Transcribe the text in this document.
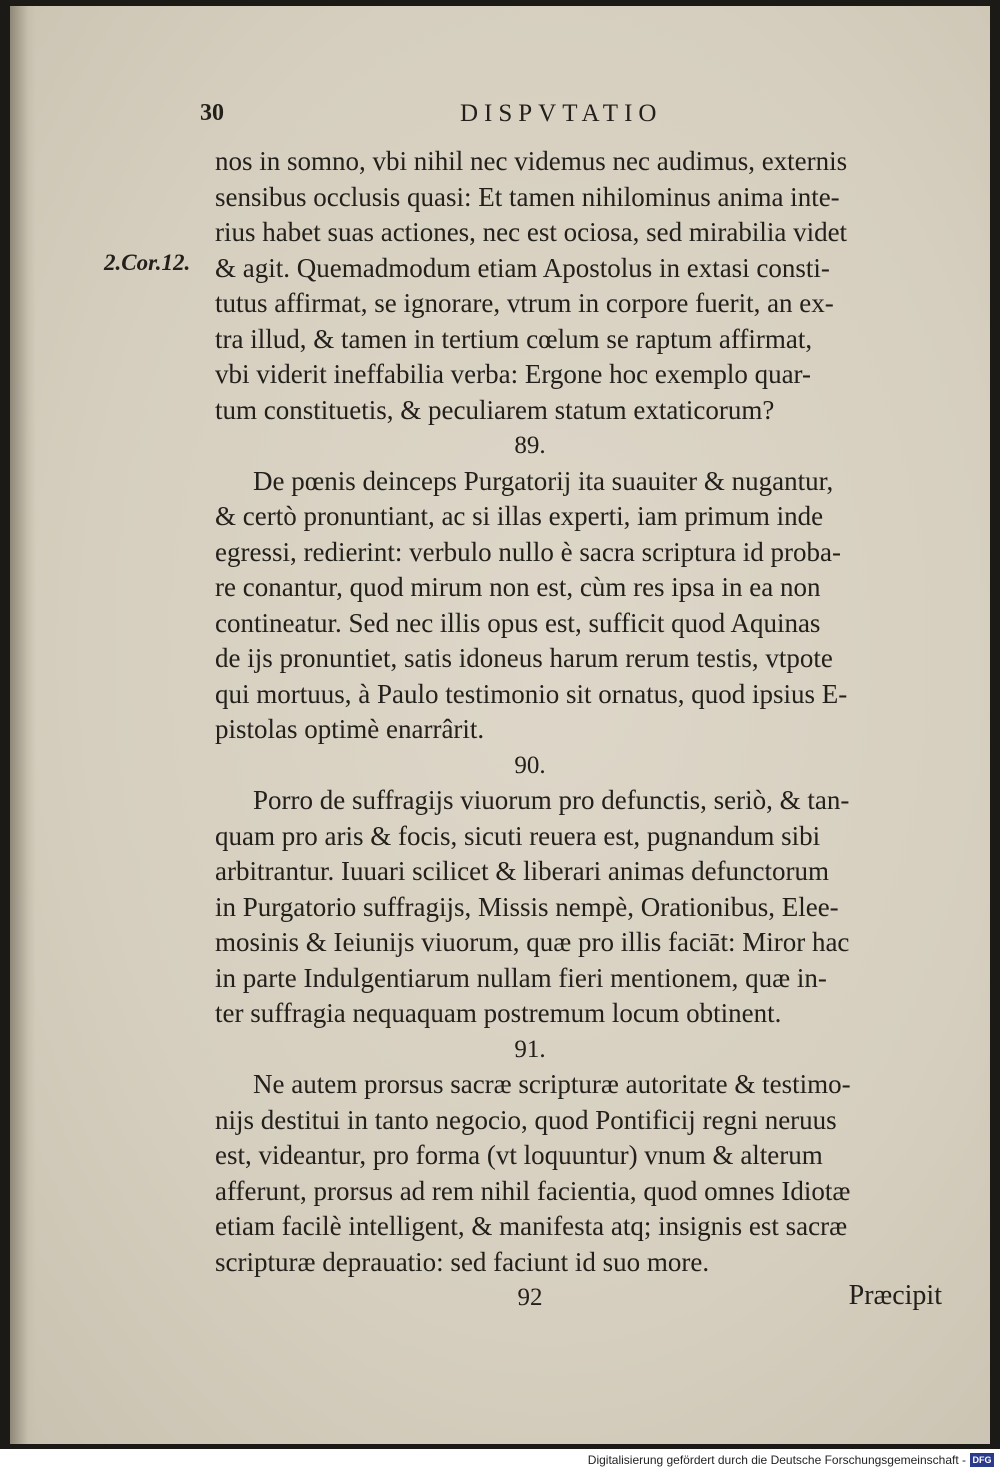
30	DISPVTATIO
2.Cor.12.
nos in somno, vbi nihil nec videmus nec audimus, externis
sensibus occlusis quasi: Et tamen nihilominus anima inte-
rius habet suas actiones, nec est ociosa, sed mirabilia videt
& agit. Quemadmodum etiam Apostolus in extasi consti-
tutus affirmat, se ignorare, vtrum in corpore fuerit, an ex-
tra illud, & tamen in tertium cœlum se raptum affirmat,
vbi viderit ineffabilia verba: Ergone hoc exemplo quar-
tum constituetis, & peculiarem statum extaticorum?
89.
De pœnis deinceps Purgatorij ita suauiter & nugantur,
& certò pronuntiant, ac si illas experti, iam primum inde
egressi, redierint: verbulo nullo è sacra scriptura id proba-
re conantur, quod mirum non est, cùm res ipsa in ea non
contineatur. Sed nec illis opus est, sufficit quod Aquinas
de ijs pronuntiet, satis idoneus harum rerum testis, vtpote
qui mortuus, à Paulo testimonio sit ornatus, quod ipsius E-
pistolas optimè enarrârit.
90.
Porro de suffragijs viuorum pro defunctis, seriò, & tan-
quam pro aris & focis, sicuti reuera est, pugnandum sibi
arbitrantur. Iuuari scilicet & liberari animas defunctorum
in Purgatorio suffragijs, Missis nempè, Orationibus, Elee-
mosinis & Ieiunijs viuorum, quæ pro illis faciāt: Miror hac
in parte Indulgentiarum nullam fieri mentionem, quæ in-
ter suffragia nequaquam postremum locum obtinent.
91.
Ne autem prorsus sacræ scripturæ autoritate & testimo-
nijs destitui in tanto negocio, quod Pontificij regni neruus
est, videantur, pro forma (vt loquuntur) vnum & alterum
afferunt, prorsus ad rem nihil facientia, quod omnes Idiotæ
etiam facilè intelligent, & manifesta atq; insignis est sacræ
scripturæ deprauatio: sed faciunt id suo more.
92	Præcipit
Digitalisierung gefördert durch die Deutsche Forschungsgemeinschaft - DFG
